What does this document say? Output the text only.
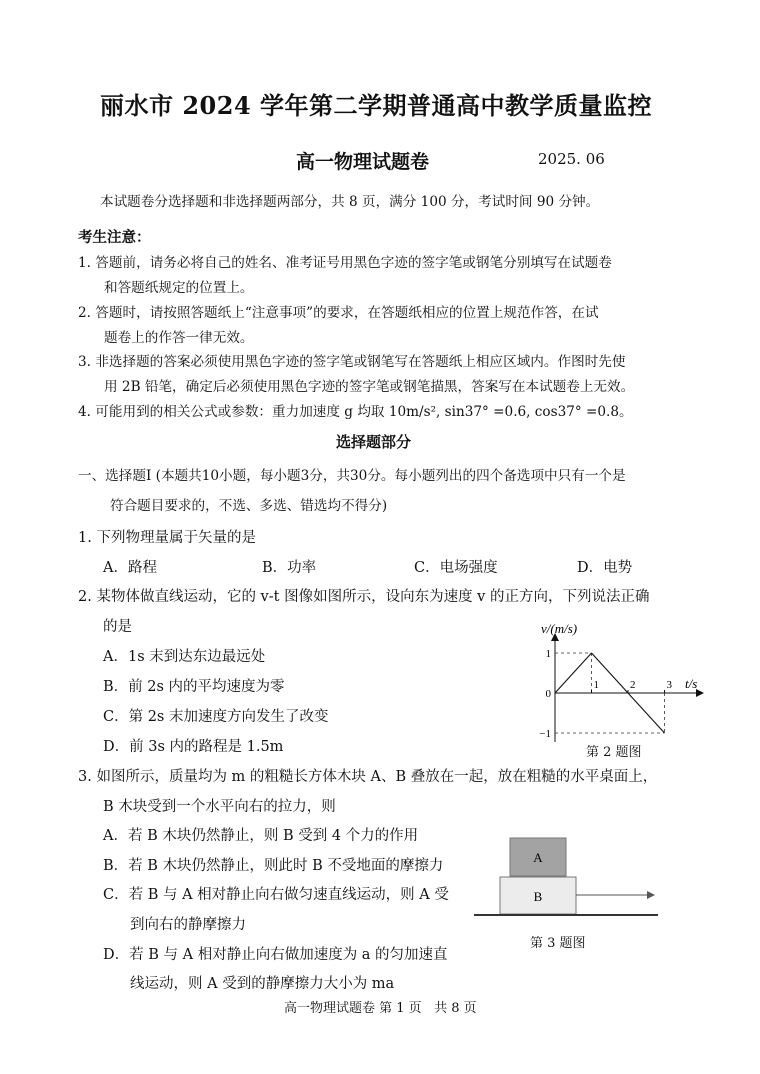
丽水市 2024 学年第二学期普通高中教学质量监控
高一物理试题卷	2025. 06
本试题卷分选择题和非选择题两部分，共 8 页，满分 100 分，考试时间 90 分钟。
考生注意：
1. 答题前，请务必将自己的姓名、准考证号用黑色字迹的签字笔或钢笔分别填写在试题卷
和答题纸规定的位置上。
2. 答题时，请按照答题纸上“注意事项”的要求，在答题纸相应的位置上规范作答，在试
题卷上的作答一律无效。
3. 非选择题的答案必须使用黑色字迹的签字笔或钢笔写在答题纸上相应区域内。作图时先使
用 2B 铅笔，确定后必须使用黑色字迹的签字笔或钢笔描黑，答案写在本试题卷上无效。
4. 可能用到的相关公式或参数：重力加速度 g 均取 10m/s², sin37° =0.6, cos37° =0.8。
选择题部分
一、选择题I (本题共10小题，每小题3分，共30分。每小题列出的四个备选项中只有一个是
符合题目要求的，不选、多选、错选均不得分)
1. 下列物理量属于矢量的是
A．路程	B．功率	C．电场强度	D．电势
2. 某物体做直线运动，它的 v-t 图像如图所示，设向东为速度 v 的正方向，下列说法正确
的是
A．1s 末到达东边最远处
B．前 2s 内的平均速度为零
C．第 2s 末加速度方向发生了改变
D．前 3s 内的路程是 1.5m
v/(m/s)
t/s
1	2	3
1
0
−1
第 2 题图
3. 如图所示，质量均为 m 的粗糙长方体木块 A、B 叠放在一起，放在粗糙的水平桌面上，
B 木块受到一个水平向右的拉力，则
A．若 B 木块仍然静止，则 B 受到 4 个力的作用
B．若 B 木块仍然静止，则此时 B 不受地面的摩擦力
C．若 B 与 A 相对静止向右做匀速直线运动，则 A 受
到向右的静摩擦力
D．若 B 与 A 相对静止向右做加速度为 a 的匀加速直
线运动，则 A 受到的静摩擦力大小为 ma
A
B
第 3 题图
高一物理试题卷 第 1 页   共 8 页
